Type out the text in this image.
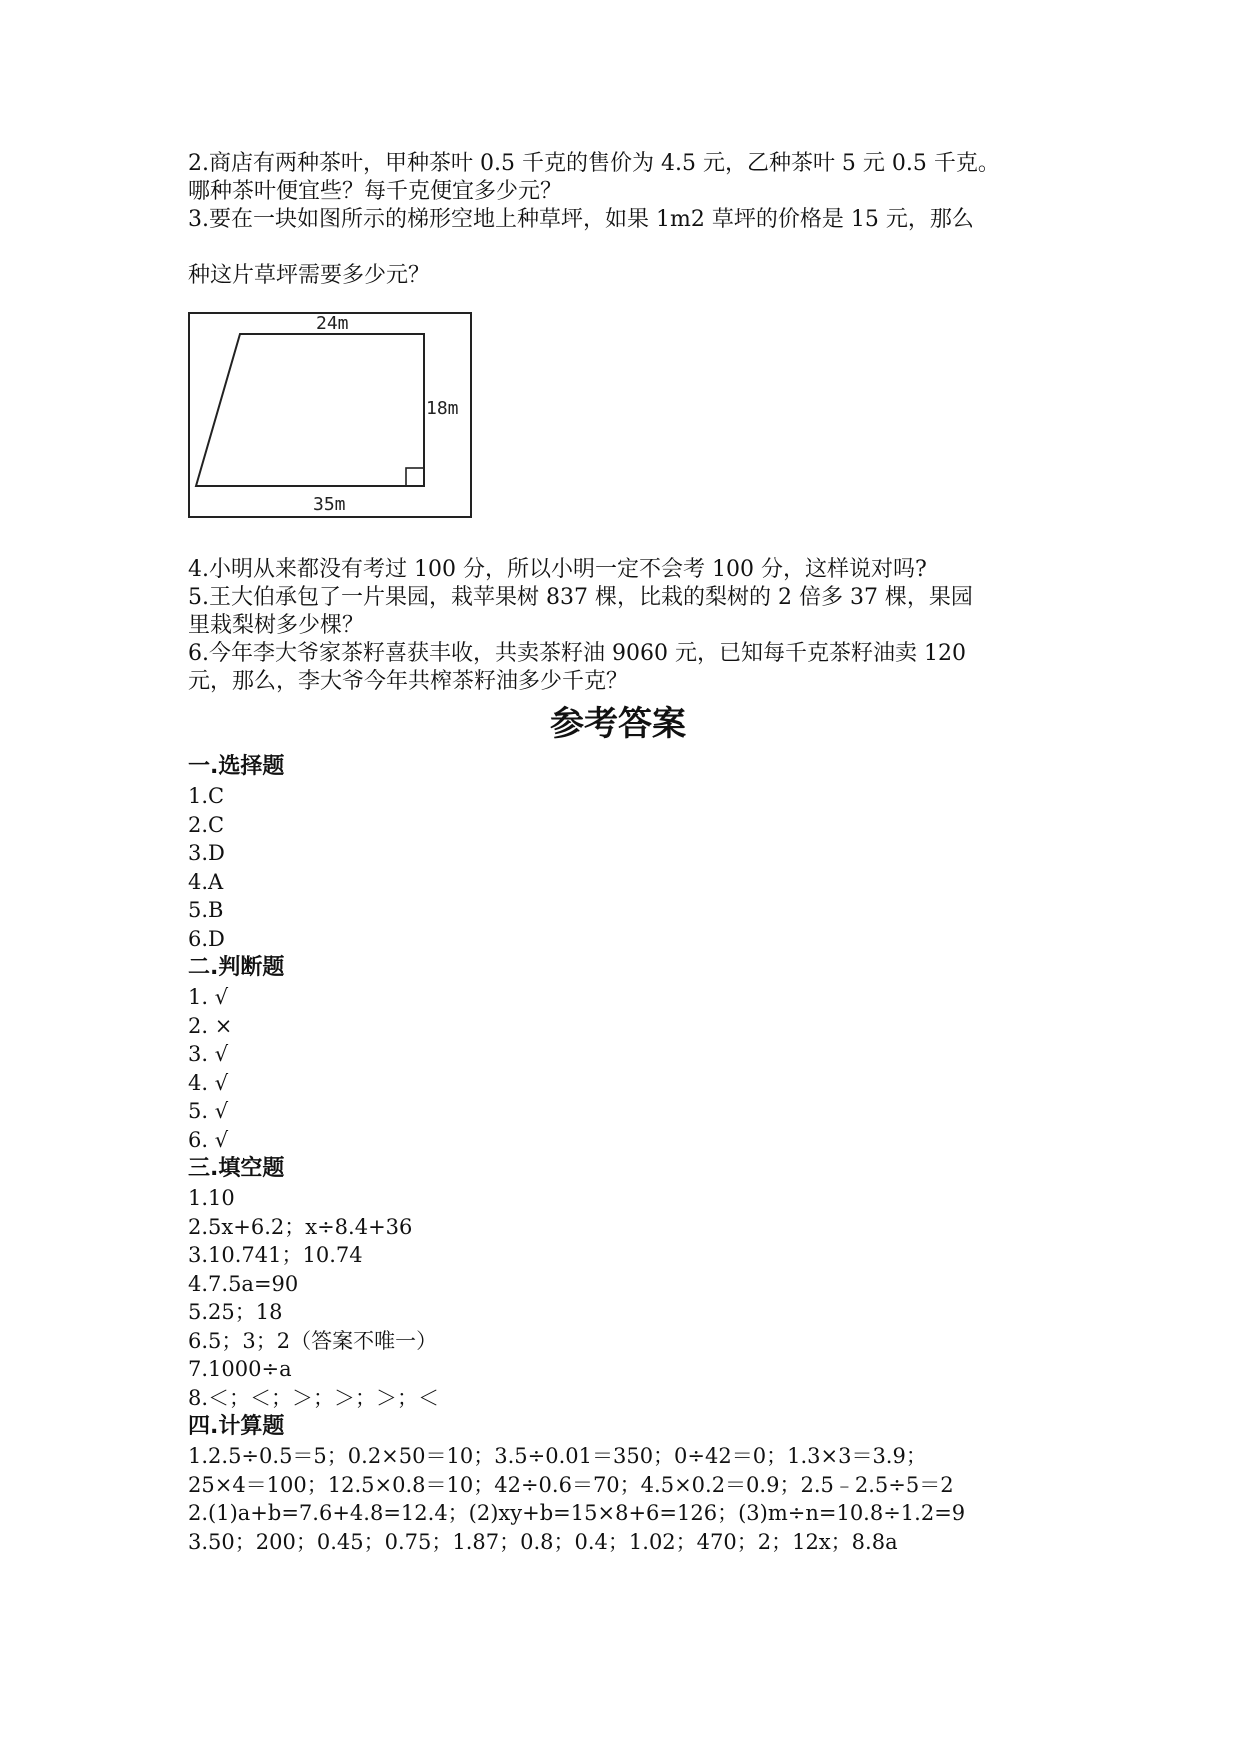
2.商店有两种茶叶，甲种茶叶 0.5 千克的售价为 4.5 元，乙种茶叶 5 元 0.5 千克。
哪种茶叶便宜些？每千克便宜多少元？
3.要在一块如图所示的梯形空地上种草坪，如果 1m2 草坪的价格是 15 元，那么
种这片草坪需要多少元？
24m
18m
35m
4.小明从来都没有考过 100 分，所以小明一定不会考 100 分，这样说对吗?
5.王大伯承包了一片果园，栽苹果树 837 棵，比栽的梨树的 2 倍多 37 棵，果园
里栽梨树多少棵？
6.今年李大爷家茶籽喜获丰收，共卖茶籽油 9060 元，已知每千克茶籽油卖 120
元，那么，李大爷今年共榨茶籽油多少千克？
参考答案
一.选择题
1.C
2.C
3.D
4.A
5.B
6.D
二.判断题
1. √
2. ×
3. √
4. √
5. √
6. √
三.填空题
1.10
2.5x+6.2；x÷8.4+36
3.10.741；10.74
4.7.5a=90
5.25；18
6.5；3；2（答案不唯一）
7.1000÷a
8.＜；＜；＞；＞；＞；＜
四.计算题
1.2.5÷0.5＝5；0.2×50＝10；3.5÷0.01＝350；0÷42＝0；1.3×3＝3.9；
25×4＝100；12.5×0.8＝10；42÷0.6＝70；4.5×0.2＝0.9；2.5﹣2.5÷5＝2
2.(1)a+b=7.6+4.8=12.4；(2)xy+b=15×8+6=126；(3)m÷n=10.8÷1.2=9
3.50；200；0.45；0.75；1.87；0.8；0.4；1.02；470；2；12x；8.8a
